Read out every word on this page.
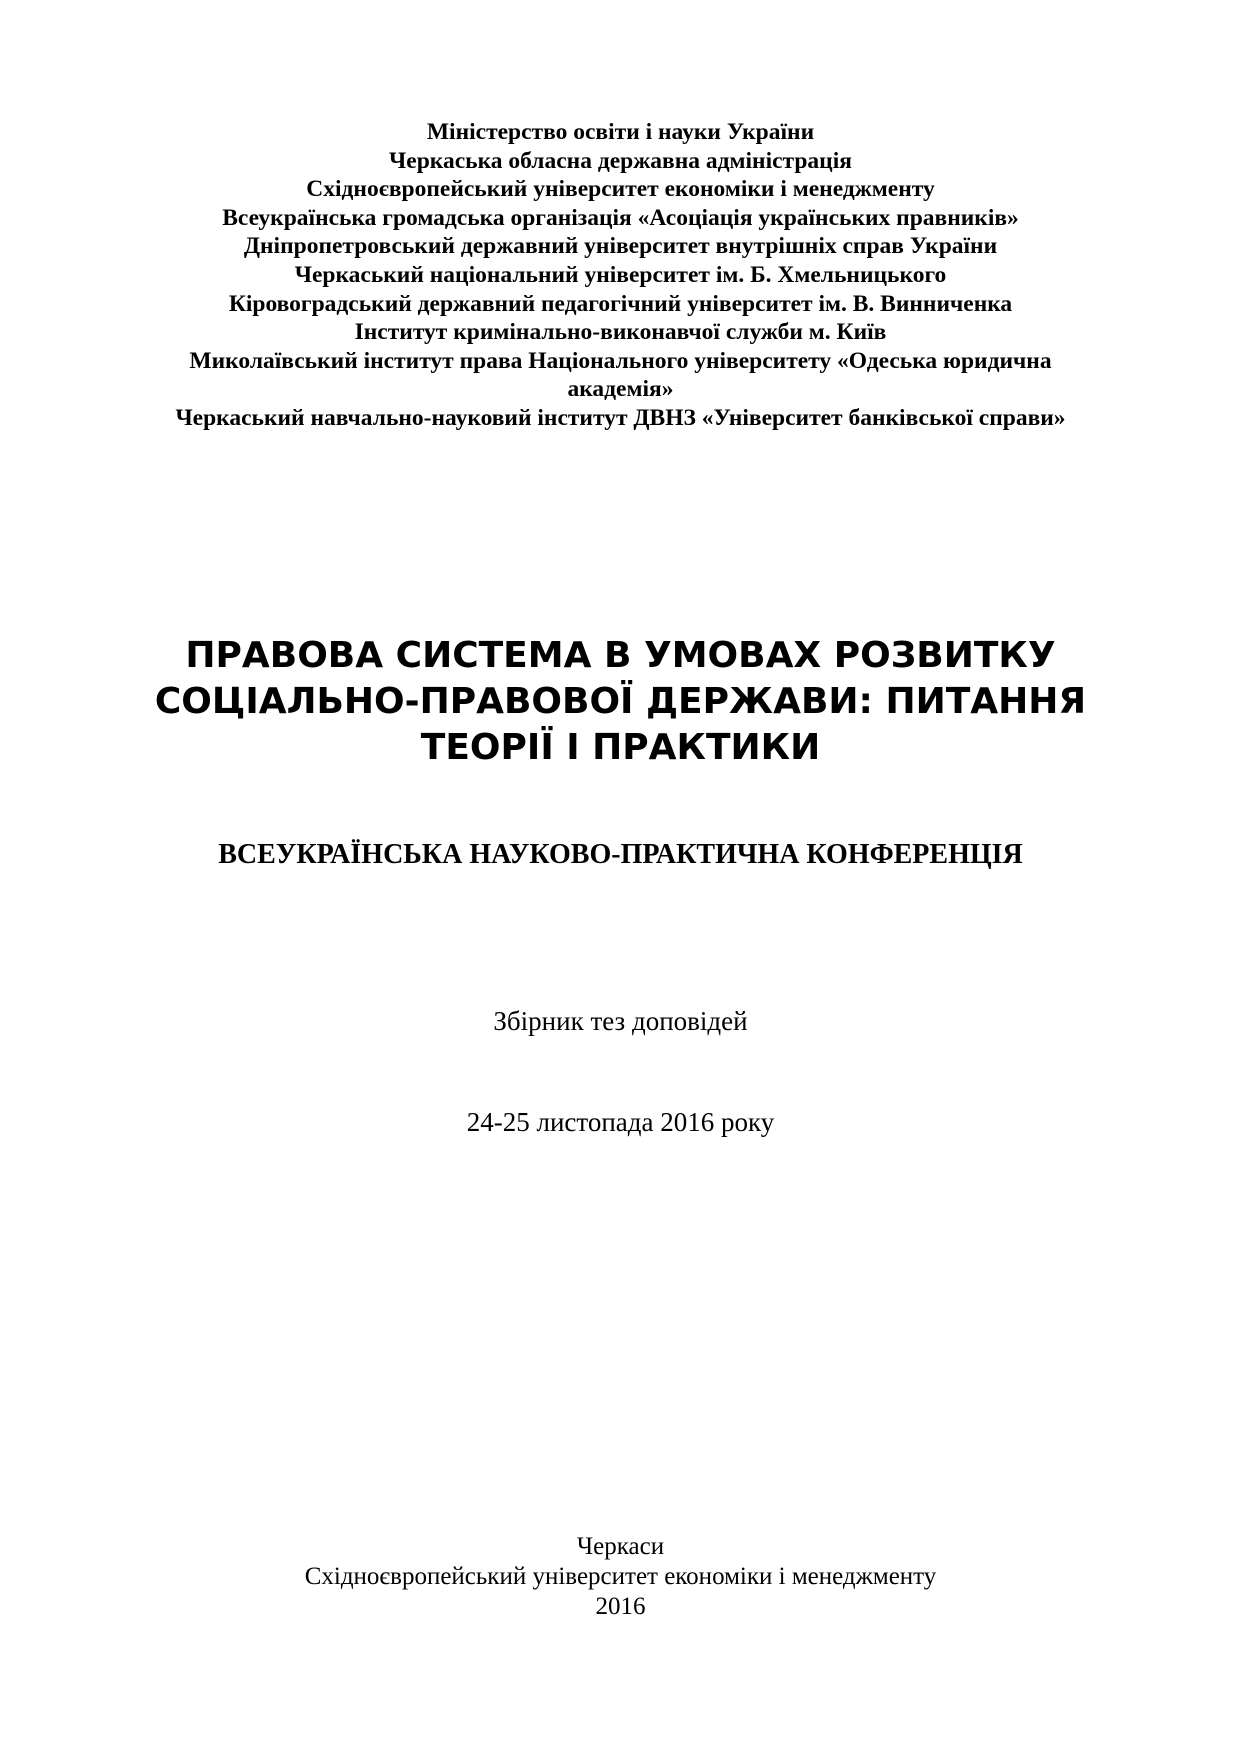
Міністерство освіти і науки України
Черкаська обласна державна адміністрація
Східноєвропейський університет економіки і менеджменту
Всеукраїнська громадська організація «Асоціація українських правників»
Дніпропетровський державний університет внутрішніх справ України
Черкаський національний університет ім. Б. Хмельницького
Кіровоградський державний педагогічний університет ім. В. Винниченка
Інститут кримінально-виконавчої служби м. Київ
Миколаївський інститут права Національного університету «Одеська юридична
академія»
Черкаський навчально-науковий інститут ДВНЗ «Університет банківської справи»
ПРАВОВА СИСТЕМА В УМОВАХ РОЗВИТКУ
СОЦІАЛЬНО-ПРАВОВОЇ ДЕРЖАВИ: ПИТАННЯ
ТЕОРІЇ І ПРАКТИКИ
ВСЕУКРАЇНСЬКА НАУКОВО-ПРАКТИЧНА КОНФЕРЕНЦІЯ
Збірник тез доповідей
24-25 листопада 2016 року
Черкаси
Східноєвропейський університет економіки і менеджменту
2016
